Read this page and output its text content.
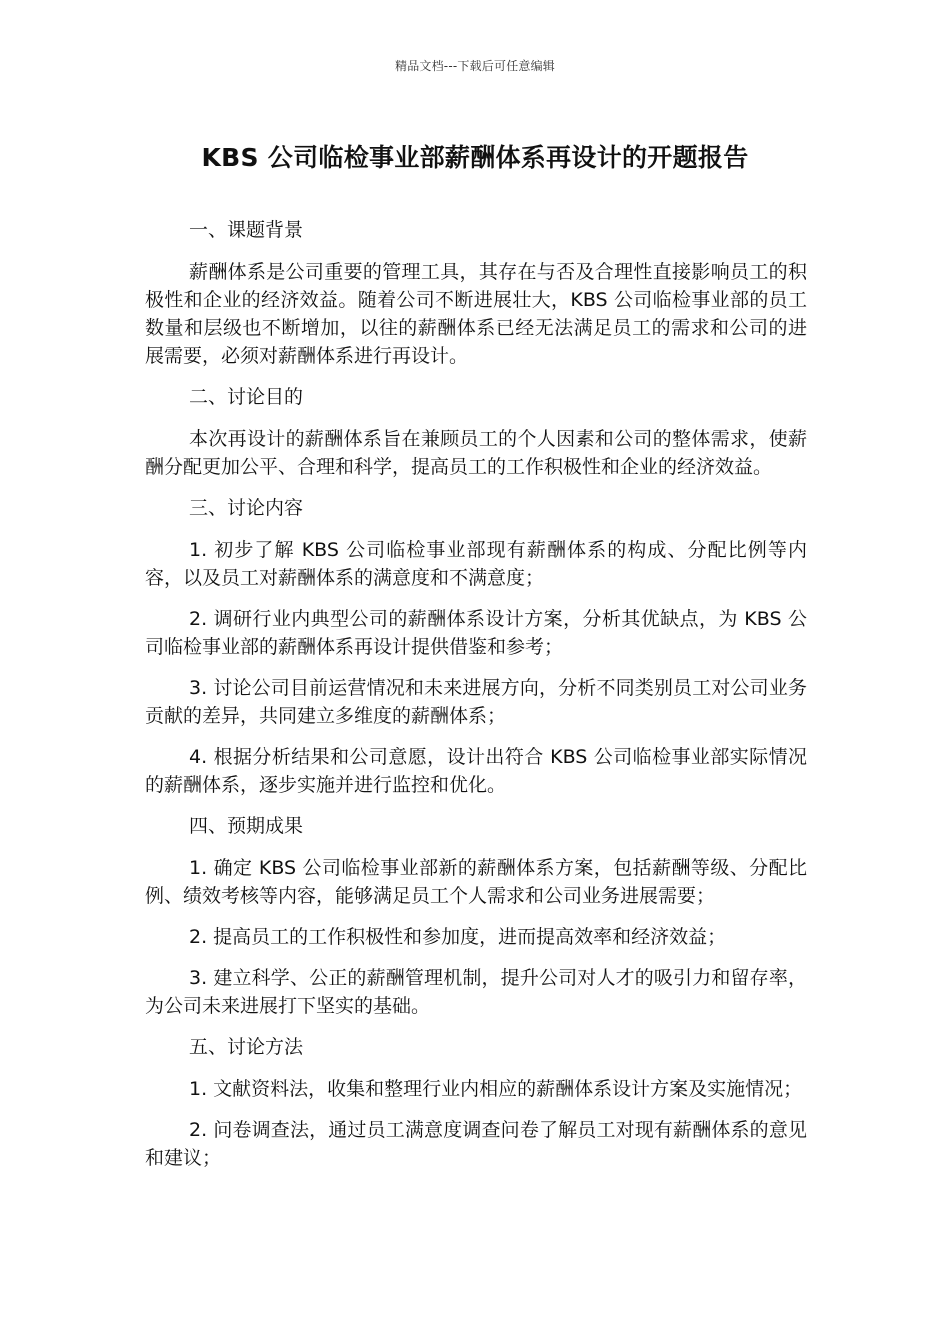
精品文档---下载后可任意编辑
KBS 公司临检事业部薪酬体系再设计的开题报告
一、课题背景

薪酬体系是公司重要的管理工具，其存在与否及合理性直接影响员工的积极性和企业的经济效益。随着公司不断进展壮大，KBS 公司临检事业部的员工数量和层级也不断增加，以往的薪酬体系已经无法满足员工的需求和公司的进展需要，必须对薪酬体系进行再设计。

二、讨论目的

本次再设计的薪酬体系旨在兼顾员工的个人因素和公司的整体需求，使薪酬分配更加公平、合理和科学，提高员工的工作积极性和企业的经济效益。

三、讨论内容

1. 初步了解 KBS 公司临检事业部现有薪酬体系的构成、分配比例等内容，以及员工对薪酬体系的满意度和不满意度；

2. 调研行业内典型公司的薪酬体系设计方案，分析其优缺点，为 KBS 公司临检事业部的薪酬体系再设计提供借鉴和参考；

3. 讨论公司目前运营情况和未来进展方向，分析不同类别员工对公司业务贡献的差异，共同建立多维度的薪酬体系；

4. 根据分析结果和公司意愿，设计出符合 KBS 公司临检事业部实际情况的薪酬体系，逐步实施并进行监控和优化。

四、预期成果

1. 确定 KBS 公司临检事业部新的薪酬体系方案，包括薪酬等级、分配比例、绩效考核等内容，能够满足员工个人需求和公司业务进展需要；

2. 提高员工的工作积极性和参加度，进而提高效率和经济效益；

3. 建立科学、公正的薪酬管理机制，提升公司对人才的吸引力和留存率，为公司未来进展打下坚实的基础。

五、讨论方法

1. 文献资料法，收集和整理行业内相应的薪酬体系设计方案及实施情况；

2. 问卷调查法，通过员工满意度调查问卷了解员工对现有薪酬体系的意见和建议；
